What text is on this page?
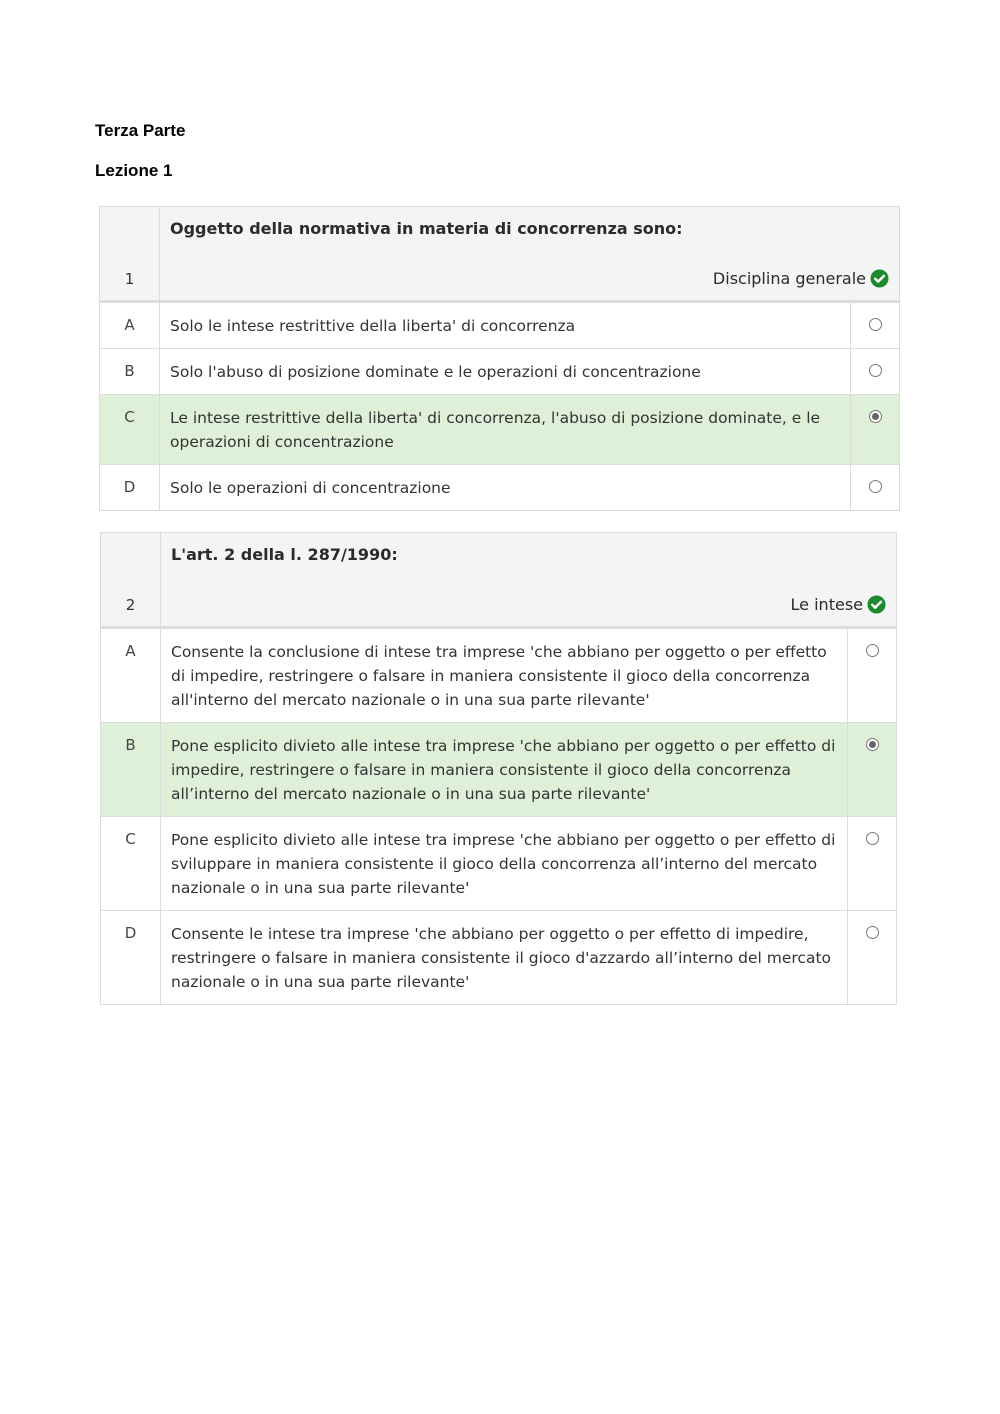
Terza Parte
Lezione 1
1
Oggetto della normativa in materia di concorrenza sono:
Disciplina generale
A	Solo le intese restrittive della liberta' di concorrenza
B	Solo l'abuso di posizione dominate e le operazioni di concentrazione
C	Le intese restrittive della liberta' di concorrenza, l'abuso di posizione dominate, e le operazioni di concentrazione
D	Solo le operazioni di concentrazione
2
L'art. 2 della l. 287/1990:
Le intese
A	Consente la conclusione di intese tra imprese 'che abbiano per oggetto o per effetto di impedire, restringere o falsare in maniera consistente il gioco della concorrenza all'interno del mercato nazionale o in una sua parte rilevante'
B	Pone esplicito divieto alle intese tra imprese 'che abbiano per oggetto o per effetto di impedire, restringere o falsare in maniera consistente il gioco della concorrenza all’interno del mercato nazionale o in una sua parte rilevante'
C	Pone esplicito divieto alle intese tra imprese 'che abbiano per oggetto o per effetto di sviluppare in maniera consistente il gioco della concorrenza all’interno del mercato nazionale o in una sua parte rilevante'
D	Consente le intese tra imprese 'che abbiano per oggetto o per effetto di impedire, restringere o falsare in maniera consistente il gioco d'azzardo all’interno del mercato nazionale o in una sua parte rilevante'
